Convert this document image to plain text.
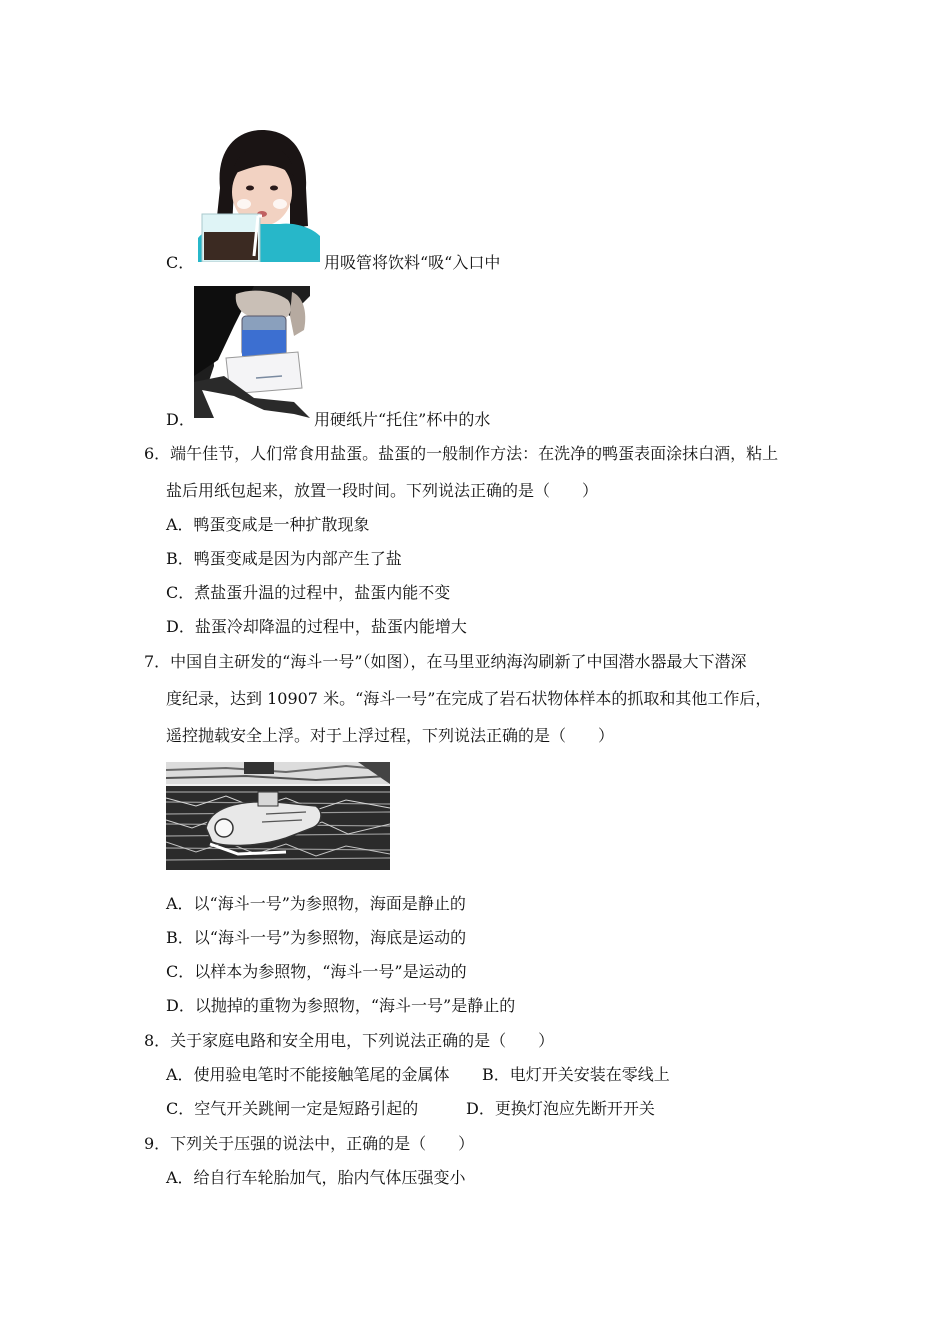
C．	用吸管将饮料“吸“入口中
D．	用硬纸片“托住”杯中的水
6．端午佳节，人们常食用盐蛋。盐蛋的一般制作方法：在洗净的鸭蛋表面涂抹白酒，粘上
盐后用纸包起来，放置一段时间。下列说法正确的是（　　）
A．鸭蛋变咸是一种扩散现象
B．鸭蛋变咸是因为内部产生了盐
C．煮盐蛋升温的过程中，盐蛋内能不变
D．盐蛋冷却降温的过程中，盐蛋内能增大
7．中国自主研发的“海斗一号”（如图），在马里亚纳海沟刷新了中国潜水器最大下潜深
度纪录，达到 10907 米。“海斗一号”在完成了岩石状物体样本的抓取和其他工作后，
遥控抛载安全上浮。对于上浮过程，下列说法正确的是（　　）
A．以“海斗一号”为参照物，海面是静止的
B．以“海斗一号”为参照物，海底是运动的
C．以样本为参照物，“海斗一号”是运动的
D．以抛掉的重物为参照物，“海斗一号”是静止的
8．关于家庭电路和安全用电，下列说法正确的是（　　）
A．使用验电笔时不能接触笔尾的金属体 B．电灯开关安装在零线上
C．空气开关跳闸一定是短路引起的	D．更换灯泡应先断开开关
9．下列关于压强的说法中，正确的是（　　）
A．给自行车轮胎加气，胎内气体压强变小
